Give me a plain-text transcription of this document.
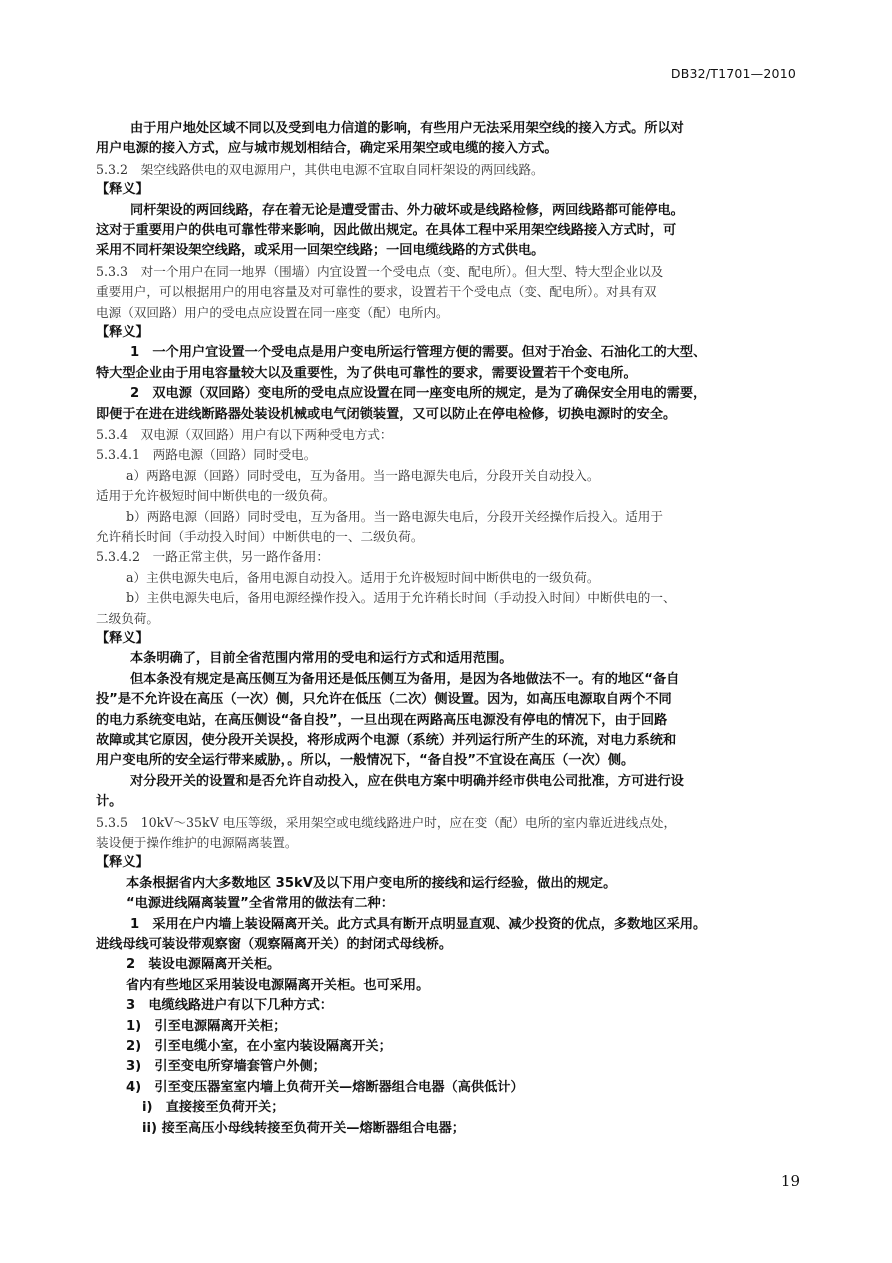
DB32/T1701—2010
由于用户地处区域不同以及受到电力信道的影响，有些用户无法采用架空线的接入方式。所以对
用户电源的接入方式，应与城市规划相结合，确定采用架空或电缆的接入方式。
5.3.2　架空线路供电的双电源用户，其供电电源不宜取自同杆架设的两回线路。
【释义】
同杆架设的两回线路，存在着无论是遭受雷击、外力破坏或是线路检修，两回线路都可能停电。
这对于重要用户的供电可靠性带来影响，因此做出规定。在具体工程中采用架空线路接入方式时，可
采用不同杆架设架空线路，或采用一回架空线路；一回电缆线路的方式供电。
5.3.3　对一个用户在同一地界（围墙）内宜设置一个受电点（变、配电所）。但大型、特大型企业以及
重要用户，可以根据用户的用电容量及对可靠性的要求，设置若干个受电点（变、配电所）。对具有双
电源（双回路）用户的受电点应设置在同一座变（配）电所内。
【释义】
1　一个用户宜设置一个受电点是用户变电所运行管理方便的需要。但对于冶金、石油化工的大型、
特大型企业由于用电容量较大以及重要性，为了供电可靠性的要求，需要设置若干个变电所。
2　双电源（双回路）变电所的受电点应设置在同一座变电所的规定，是为了确保安全用电的需要，
即便于在进在进线断路器处装设机械或电气闭锁装置，又可以防止在停电检修，切换电源时的安全。
5.3.4　双电源（双回路）用户有以下两种受电方式：
5.3.4.1　两路电源（回路）同时受电。
a）两路电源（回路）同时受电，互为备用。当一路电源失电后，分段开关自动投入。
适用于允许极短时间中断供电的一级负荷。
b）两路电源（回路）同时受电，互为备用。当一路电源失电后，分段开关经操作后投入。适用于
允许稍长时间（手动投入时间）中断供电的一、二级负荷。
5.3.4.2　一路正常主供，另一路作备用：
a）主供电源失电后，备用电源自动投入。适用于允许极短时间中断供电的一级负荷。
b）主供电源失电后，备用电源经操作投入。适用于允许稍长时间（手动投入时间）中断供电的一、
二级负荷。
【释义】
本条明确了，目前全省范围内常用的受电和运行方式和适用范围。
但本条没有规定是高压侧互为备用还是低压侧互为备用，是因为各地做法不一。有的地区“备自
投”是不允许设在高压（一次）侧，只允许在低压（二次）侧设置。因为，如高压电源取自两个不同
的电力系统变电站，在高压侧设“备自投”，一旦出现在两路高压电源没有停电的情况下，由于回路
故障或其它原因，使分段开关误投，将形成两个电源（系统）并列运行所产生的环流，对电力系统和
用户变电所的安全运行带来威胁，。所以，一般情况下，“备自投”不宜设在高压（一次）侧。
对分段开关的设置和是否允许自动投入，应在供电方案中明确并经市供电公司批准，方可进行设
计。
5.3.5　10kV～35kV 电压等级，采用架空或电缆线路进户时，应在变（配）电所的室内靠近进线点处，
装设便于操作维护的电源隔离装置。
【释义】
本条根据省内大多数地区 35kV及以下用户变电所的接线和运行经验，做出的规定。
“电源进线隔离装置”全省常用的做法有二种：
1　采用在户内墙上装设隔离开关。此方式具有断开点明显直观、减少投资的优点，多数地区采用。
进线母线可装设带观察窗（观察隔离开关）的封闭式母线桥。
2　装设电源隔离开关柜。
省内有些地区采用装设电源隔离开关柜。也可采用。
3　电缆线路进户有以下几种方式：
1)　引至电源隔离开关柜；
2)　引至电缆小室，在小室内装设隔离开关；
3)　引至变电所穿墙套管户外侧；
4)　引至变压器室室内墙上负荷开关—熔断器组合电器（高供低计）
i)　直接接至负荷开关；
ii) 接至高压小母线转接至负荷开关—熔断器组合电器；
19
